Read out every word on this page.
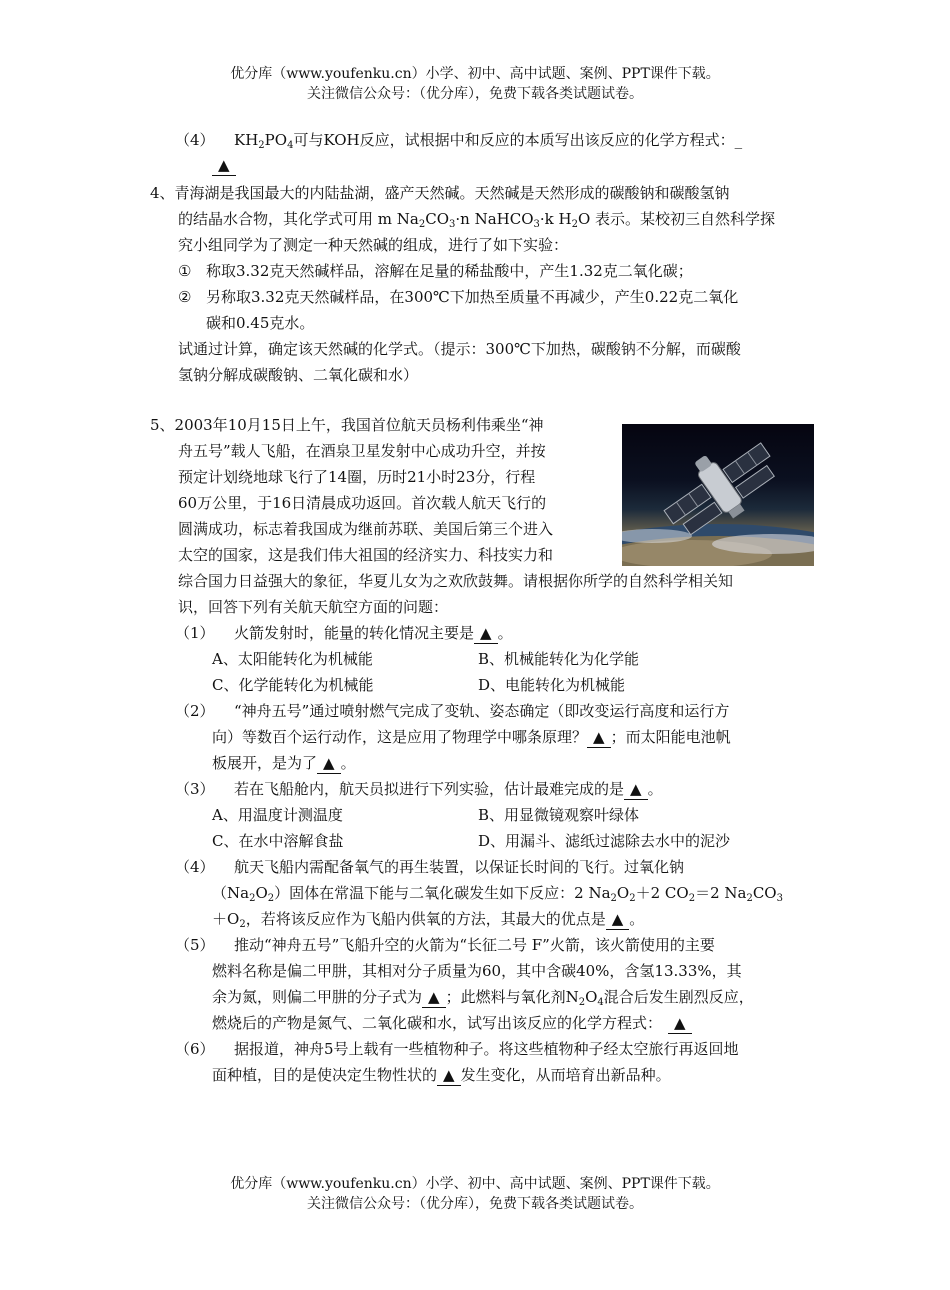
优分库（www.youfenku.cn）小学、初中、高中试题、案例、PPT课件下载。
关注微信公众号：（优分库），免费下载各类试题试卷。
（4） $KH_2PO_4$可与KOH反应，试根据中和反应的本质写出该反应的化学方程式：_
▲
4、青海湖是我国最大的内陆盐湖，盛产天然碱。天然碱是天然形成的碳酸钠和碳酸氢钠
的结晶水合物，其化学式可用 m $Na_2CO_3\cdot n$ NaHCO$_3$·k $H_2O$ 表示。某校初三自然科学探
究小组同学为了测定一种天然碱的组成，进行了如下实验：
① 称取3.32克天然碱样品，溶解在足量的稀盐酸中，产生1.32克二氧化碳；
② 另称取3.32克天然碱样品，在300℃下加热至质量不再减少，产生0.22克二氧化
碳和0.45克水。
试通过计算，确定该天然碱的化学式。（提示：300℃下加热，碳酸钠不分解，而碳酸
氢钠分解成碳酸钠、二氧化碳和水）
5、2003年10月15日上午，我国首位航天员杨利伟乘坐“神
舟五号”载人飞船，在酒泉卫星发射中心成功升空，并按
预定计划绕地球飞行了14圈，历时21小时23分，行程
60万公里，于16日清晨成功返回。首次载人航天飞行的
圆满成功，标志着我国成为继前苏联、美国后第三个进入
太空的国家，这是我们伟大祖国的经济实力、科技实力和
综合国力日益强大的象征，华夏儿女为之欢欣鼓舞。请根据你所学的自然科学相关知
识，回答下列有关航天航空方面的问题：
（1） 火箭发射时，能量的转化情况主要是 ▲ 。
A、太阳能转化为机械能	B、机械能转化为化学能
C、化学能转化为机械能	D、电能转化为机械能
（2） “神舟五号”通过喷射燃气完成了变轨、姿态确定（即改变运行高度和运行方
向）等数百个运行动作，这是应用了物理学中哪条原理？ ▲ ；而太阳能电池帆
板展开，是为了 ▲ 。
（3） 若在飞船舱内，航天员拟进行下列实验，估计最难完成的是 ▲ 。
A、用温度计测温度	B、用显微镜观察叶绿体
C、在水中溶解食盐	D、用漏斗、滤纸过滤除去水中的泥沙
（4） 航天飞船内需配备氧气的再生装置，以保证长时间的飞行。过氧化钠
$(Na_2O_2)$固体在常温下能与二氧化碳发生如下反应：2 $Na_2O_2+2$ $CO_2=2$ $Na_2CO_3$
$+O_2$，若将该反应作为飞船内供氧的方法，其最大的优点是 ▲ 。
（5） 推动“神舟五号”飞船升空的火箭为“长征二号 F”火箭，该火箭使用的主要
燃料名称是偏二甲肼，其相对分子质量为60，其中含碳40%，含氢13.33%，其
余为氮，则偏二甲肼的分子式为 ▲ ；此燃料与氧化剂$N_2O_4$混合后发生剧烈反应，
燃烧后的产物是氮气、二氧化碳和水，试写出该反应的化学方程式： ▲
（6） 据报道，神舟5号上载有一些植物种子。将这些植物种子经太空旅行再返回地
面种植，目的是使决定生物性状的 ▲ 发生变化，从而培育出新品种。
优分库（www.youfenku.cn）小学、初中、高中试题、案例、PPT课件下载。
关注微信公众号：（优分库），免费下载各类试题试卷。
